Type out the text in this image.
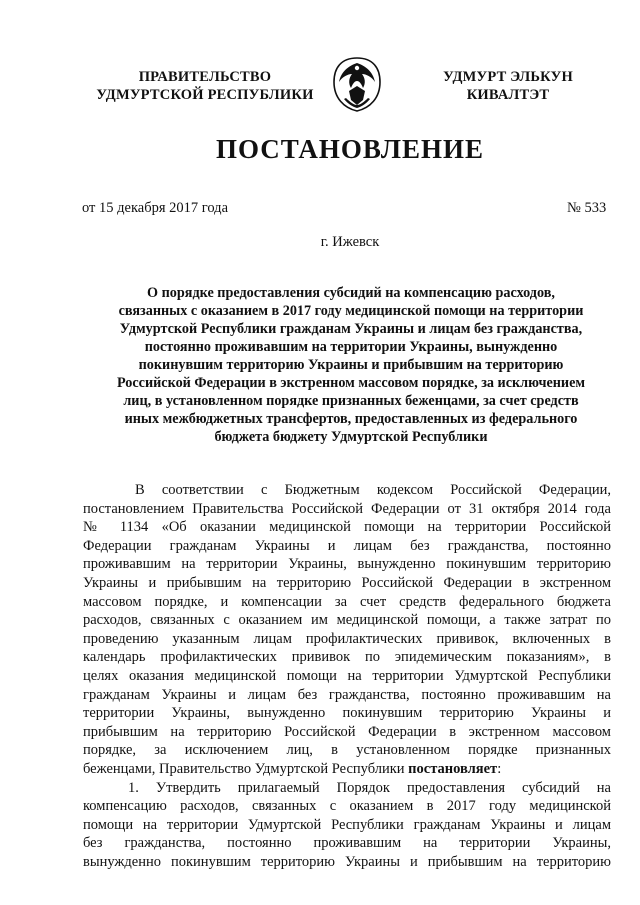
ПРАВИТЕЛЬСТВО
УДМУРТСКОЙ РЕСПУБЛИКИ
УДМУРТ ЭЛЬКУН
КИВАЛТЭТ
ПОСТАНОВЛЕНИЕ
от 15 декабря 2017 года	№ 533
г. Ижевск
О порядке предоставления субсидий на компенсацию расходов,
связанных с оказанием в 2017 году медицинской помощи на территории
Удмуртской Республики гражданам Украины и лицам без гражданства,
постоянно проживавшим на территории Украины, вынужденно
покинувшим территорию Украины и прибывшим на территорию
Российской Федерации в экстренном массовом порядке, за исключением
лиц, в установленном порядке признанных беженцами, за счет средств
иных межбюджетных трансфертов, предоставленных из федерального
бюджета бюджету Удмуртской Республики
В соответствии с Бюджетным кодексом Российской Федерации,
постановлением Правительства Российской Федерации от 31 октября 2014 года
№ 1134 «Об оказании медицинской помощи на территории Российской
Федерации гражданам Украины и лицам без гражданства, постоянно
проживавшим на территории Украины, вынужденно покинувшим территорию
Украины и прибывшим на территорию Российской Федерации в экстренном
массовом порядке, и компенсации за счет средств федерального бюджета
расходов, связанных с оказанием им медицинской помощи, а также затрат по
проведению указанным лицам профилактических прививок, включенных в
календарь профилактических прививок по эпидемическим показаниям», в
целях оказания медицинской помощи на территории Удмуртской Республики
гражданам Украины и лицам без гражданства, постоянно проживавшим на
территории Украины, вынужденно покинувшим территорию Украины и
прибывшим на территорию Российской Федерации в экстренном массовом
порядке, за исключением лиц, в установленном порядке признанных
беженцами, Правительство Удмуртской Республики постановляет:
1. Утвердить прилагаемый Порядок предоставления субсидий на
компенсацию расходов, связанных с оказанием в 2017 году медицинской
помощи на территории Удмуртской Республики гражданам Украины и лицам
без гражданства, постоянно проживавшим на территории Украины,
вынужденно покинувшим территорию Украины и прибывшим на территорию
